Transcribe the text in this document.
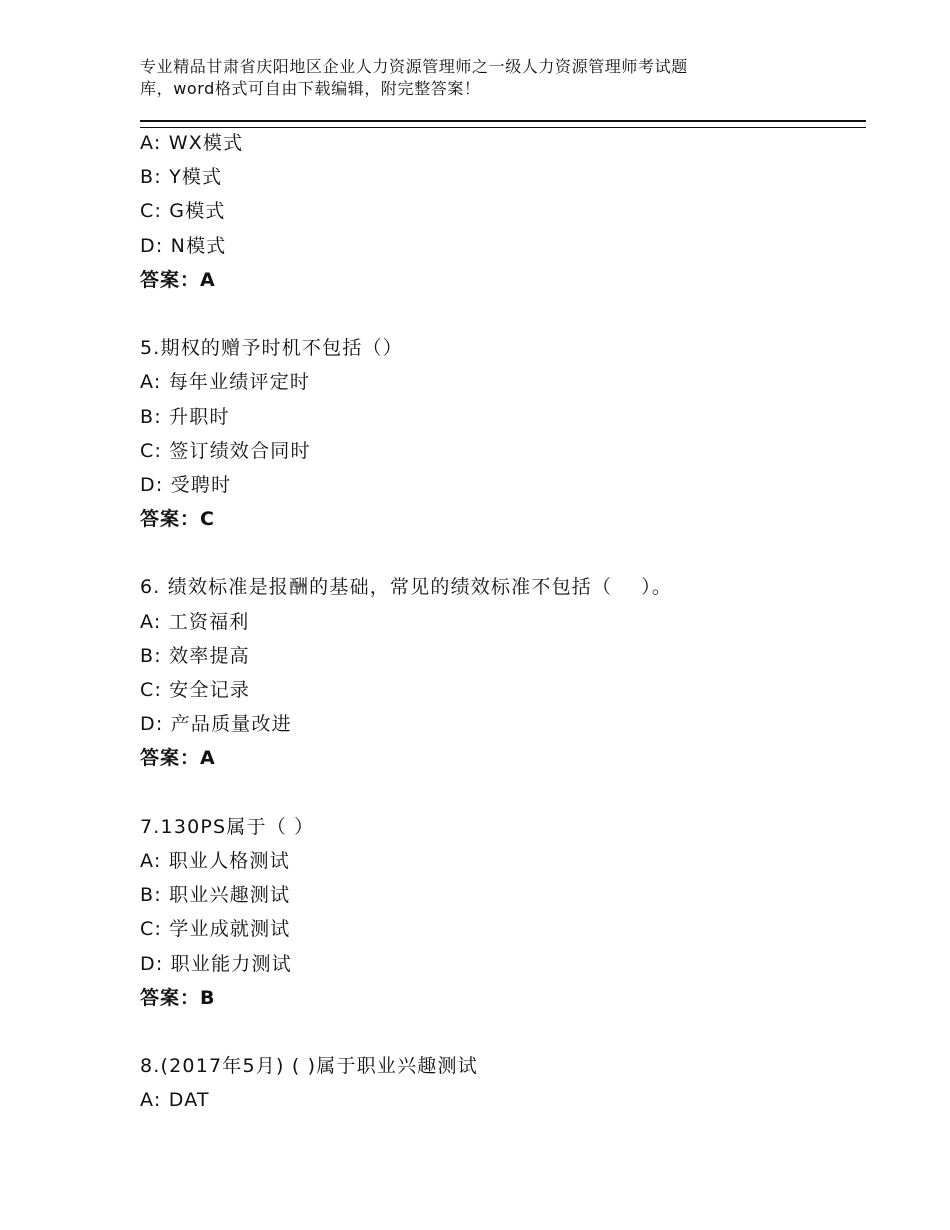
专业精品甘肃省庆阳地区企业人力资源管理师之一级人力资源管理师考试题
库，word格式可自由下载编辑，附完整答案！
A: WX模式
B: Y模式
C: G模式
D: N模式
答案：A
5.期权的赠予时机不包括（）
A: 每年业绩评定时
B: 升职时
C: 签订绩效合同时
D: 受聘时
答案：C
6. 绩效标准是报酬的基础，常见的绩效标准不包括（    ）。
A: 工资福利
B: 效率提高
C: 安全记录
D: 产品质量改进
答案：A
7.130PS属于（ ）
A: 职业人格测试
B: 职业兴趣测试
C: 学业成就测试
D: 职业能力测试
答案：B
8.(2017年5月) ( )属于职业兴趣测试
A: DAT
